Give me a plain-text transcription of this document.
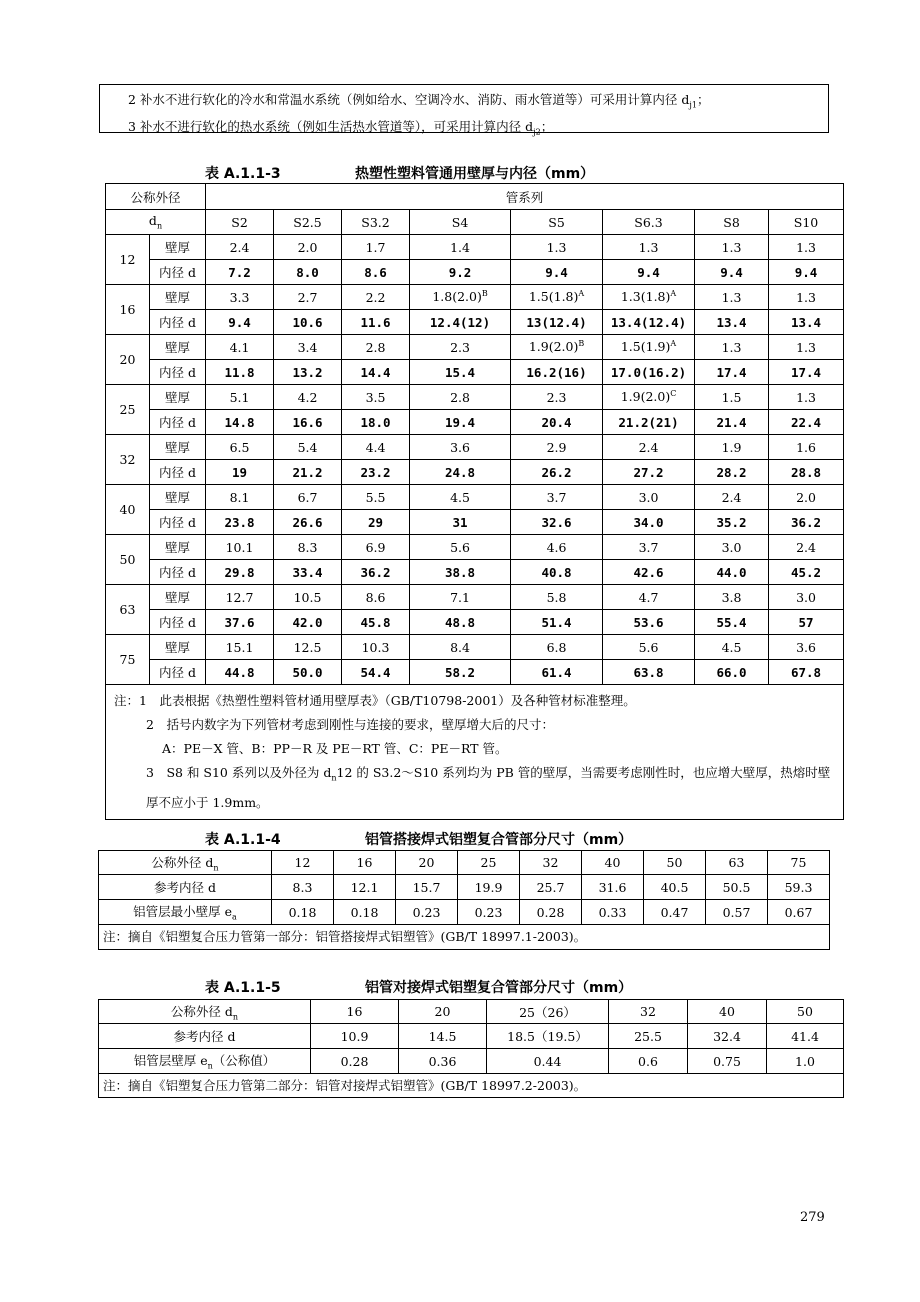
2 补水不进行软化的冷水和常温水系统（例如给水、空调冷水、消防、雨水管道等）可采用计算内径 $d_{j1}$；
3 补水不进行软化的热水系统（例如生活热水管道等），可采用计算内径 $d_{j2}$；
表 A.1.1-3	热塑性塑料管通用壁厚与内径（mm）
公称外径		管系列							
$d_n$		S2	S2.5	S3.2	S4	S5	S6.3	S8	S10
12	壁厚	2.4	2.0	1.7	1.4	1.3	1.3	1.3	1.3
	内径 d	7.2	8.0	8.6	9.2	9.4	9.4	9.4	9.4
16	壁厚	3.3	2.7	2.2	$1.8(2.0)^B$	$1.5(1.8)^A$	$1.3(1.8)^A$	1.3	1.3
	内径 d	9.4	10.6	11.6	12.4(12)	13(12.4)	13.4(12.4)	13.4	13.4
20	壁厚	4.1	3.4	2.8	2.3	$1.9(2.0)^B$	$1.5(1.9)^A$	1.3	1.3
	内径 d	11.8	13.2	14.4	15.4	16.2(16)	17.0(16.2)	17.4	17.4
25	壁厚	5.1	4.2	3.5	2.8	2.3	$1.9(2.0)^C$	1.5	1.3
	内径 d	14.8	16.6	18.0	19.4	20.4	21.2(21)	21.4	22.4
32	壁厚	6.5	5.4	4.4	3.6	2.9	2.4	1.9	1.6
	内径 d	19	21.2	23.2	24.8	26.2	27.2	28.2	28.8
40	壁厚	8.1	6.7	5.5	4.5	3.7	3.0	2.4	2.0
	内径 d	23.8	26.6	29	31	32.6	34.0	35.2	36.2
50	壁厚	10.1	8.3	6.9	5.6	4.6	3.7	3.0	2.4
	内径 d	29.8	33.4	36.2	38.8	40.8	42.6	44.0	45.2
63	壁厚	12.7	10.5	8.6	7.1	5.8	4.7	3.8	3.0
	内径 d	37.6	42.0	45.8	48.8	51.4	53.6	55.4	57
75	壁厚	15.1	12.5	10.3	8.4	6.8	5.6	4.5	3.6
	内径 d	44.8	50.0	54.4	58.2	61.4	63.8	66.0	67.8

注：1　此表根据《热塑性塑料管材通用壁厚表》（GB/T10798-2001）及各种管材标准整理。
2　括号内数字为下列管材考虑到刚性与连接的要求，壁厚增大后的尺寸：
A：PE－X 管、B：PP－R 及 PE－RT 管、C：PE－RT 管。
3　S8 和 S10 系列以及外径为 $d_n12$ 的 S3.2～S10 系列均为 PB 管的壁厚，当需要考虑刚性时，也应增大壁厚，热熔时壁厚不应小于 1.9mm。									
表 A.1.1-4	铝管搭接焊式铝塑复合管部分尺寸（mm）
公称外径 $d_n$	12	16	20	25	32	40	50	63	75
参考内径 d	8.3	12.1	15.7	19.9	25.7	31.6	40.5	50.5	59.3
铝管层最小壁厚 $e_a$	0.18	0.18	0.23	0.23	0.28	0.33	0.47	0.57	0.67
注：摘自《铝塑复合压力管第一部分：铝管搭接焊式铝塑管》(GB/T 18997.1-2003)。									
表 A.1.1-5	铝管对接焊式铝塑复合管部分尺寸（mm）
公称外径 $d_n$	16	20	25（26）	32	40	50
参考内径 d	10.9	14.5	18.5（19.5）	25.5	32.4	41.4
铝管层壁厚 $e_n$（公称值）	0.28	0.36	0.44	0.6	0.75	1.0
注：摘自《铝塑复合压力管第二部分：铝管对接焊式铝塑管》(GB/T 18997.2-2003)。						
279
